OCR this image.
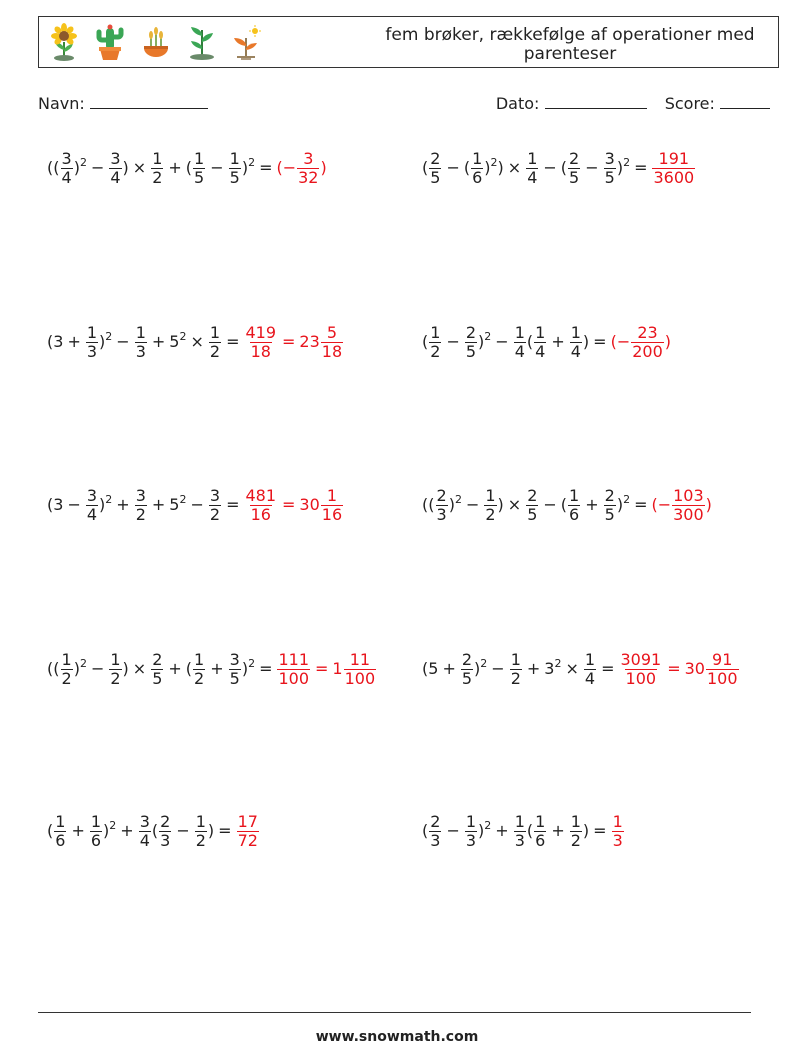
fem brøker, rækkefølge af operationer med parenteser
Navn:	Dato:	Score:
(( $\frac{3}{4} )^2 - \frac{3}{4}$ ) × $\frac{1}{2}$ + ( $\frac{1}{5} - \frac{1}{5} )^2$ = (− $\frac{3}{32}$ )	( $\frac{2}{5}$ − ( $\frac{1}{6} )^2) \times \frac{1}{4}$ − ( $\frac{2}{5} - \frac{3}{5} )^2 = \frac{191}{3600}$
$(3 + \frac{1}{3} )^2 - \frac{1}{3} + 5^2 \times \frac{1}{2} = \frac{419}{18} = 23 \frac{5}{18}$	( $\frac{1}{2} - \frac{2}{5} )^2 - \frac{1}{4}$ ( $\frac{1}{4} + \frac{1}{4}$ ) = (− $\frac{23}{200}$ )
$(3 - \frac{3}{4} )^2 + \frac{3}{2} + 5^2 - \frac{3}{2} = \frac{481}{16} = 30 \frac{1}{16}$	(( $\frac{2}{3} )^2 - \frac{1}{2}$ ) × $\frac{2}{5}$ − ( $\frac{1}{6} + \frac{2}{5} )^2$ = (− $\frac{103}{300}$ )
(( $\frac{1}{2} )^2 - \frac{1}{2}$ ) × $\frac{2}{5}$ + ( $\frac{1}{2} + \frac{3}{5} )^2 = \frac{111}{100} = 1 \frac{11}{100}$	$(5 + \frac{2}{5} )^2 - \frac{1}{2} + 3^2 \times \frac{1}{4} = \frac{3091}{100} = 30 \frac{91}{100}$
( $\frac{1}{6} + \frac{1}{6} )^2 + \frac{3}{4}$ ( $\frac{2}{3} - \frac{1}{2}$ ) = $\frac{17}{72}$	( $\frac{2}{3} - \frac{1}{3} )^2 + \frac{1}{3}$ ( $\frac{1}{6} + \frac{1}{2}$ ) = $\frac{1}{3}$
www.snowmath.com
